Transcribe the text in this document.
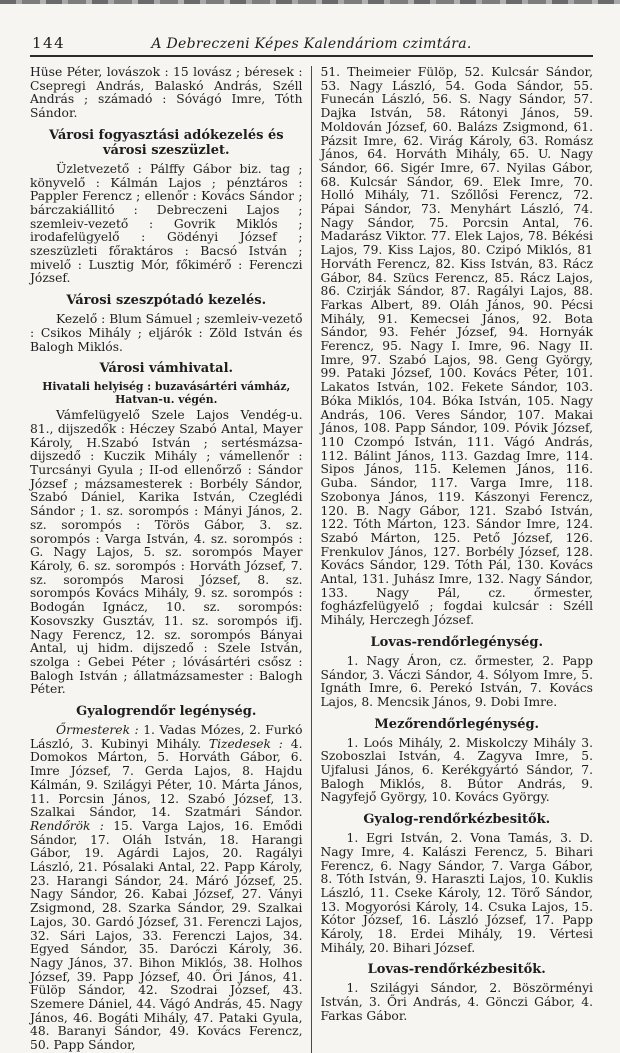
144	A Debreczeni Képes Kalendáriom czimtára.

Hüse Péter, lovászok : 15 lovász ; béresek : Csepregi András, Balaskó András, Széll András ; számadó : Sóvágó Imre, Tóth Sándor.

Városi fogyasztási adókezelés és városi szeszüzlet.

Üzletvezető : Pálffy Gábor biz. tag ; könyvelő : Kálmán Lajos ; pénztáros : Pappler Ferencz ; ellenőr : Kovács Sándor ; bárczakiállitó : Debreczeni Lajos ; szemleiv-vezető : Govrik Miklós ; irodafelügyelő : Gödényi József ; szeszüzleti főraktáros : Bacsó István ; mivelő : Lusztig Mór, főkimérő : Ferenczi József.

Városi szeszpótadó kezelés.

Kezelő : Blum Sámuel ; szemleiv-vezető : Csikos Mihály ; eljárók : Zöld István és Balogh Miklós.

Városi vámhivatal.

Hivatali helyiség : buzavásártéri vámház, Hatvan-u. végén.

Vámfelügyelő Szele Lajos Vendég-u. 81., dijszedők : Héczey Szabó Antal, Mayer Károly, H.Szabó István ; sertésmázsa-dijszedő : Kuczik Mihály ; vámellenőr : Turcsányi Gyula ; II-od ellenőrző : Sándor József ; mázsamesterek : Borbély Sándor, Szabó Dániel, Karika István, Czeglédi Sándor ; 1. sz. sorompós : Mányi János, 2. sz. sorompós : Törös Gábor, 3. sz. sorompós : Varga István, 4. sz. sorompós : G. Nagy Lajos, 5. sz. sorompós Mayer Károly, 6. sz. sorompós : Horváth József, 7. sz. sorompós Marosi József, 8. sz. sorompós Kovács Mihály, 9. sz. sorompós : Bodogán Ignácz, 10. sz. sorompós: Kosovszky Gusztáv, 11. sz. sorompós ifj. Nagy Ferencz, 12. sz. sorompós Bányai Antal, uj hidm. dijszedő : Szele István, szolga : Gebei Péter ; lóvásártéri csősz : Balogh István ; állatmázsamester : Balogh Péter.

Gyalogrendőr legénység.

Őrmesterek : 1. Vadas Mózes, 2. Furkó László, 3. Kubinyi Mihály. Tizedesek : 4. Domokos Márton, 5. Horváth Gábor, 6. Imre József, 7. Gerda Lajos, 8. Hajdu Kálmán, 9. Szilágyi Péter, 10. Márta János, 11. Porcsin János, 12. Szabó József, 13. Szalkai Sándor, 14. Szatmári Sándor. Rendőrök : 15. Varga Lajos, 16. Emődi Sándor, 17. Oláh István, 18. Harangi Gábor, 19. Agárdi Lajos, 20. Ragályi László, 21. Pósalaki Antal, 22. Papp Károly, 23. Harangi Sándor, 24. Máró József, 25. Nagy Sándor, 26. Kabai József, 27. Ványi Zsigmond, 28. Szarka Sándor, 29. Szalkai Lajos, 30. Gardó József, 31. Ferenczi Lajos, 32. Sári Lajos, 33. Ferenczi Lajos, 34. Egyed Sándor, 35. Daróczi Károly, 36. Nagy János, 37. Bihon Miklós, 38. Holhos József, 39. Papp József, 40. Őri János, 41. Fülöp Sándor, 42. Szodrai József, 43. Szemere Dániel, 44. Vágó András, 45. Nagy János, 46. Bogáti Mihály, 47. Pataki Gyula, 48. Baranyi Sándor, 49. Kovács Ferencz, 50. Papp Sándor,

51. Theimeier Fülöp, 52. Kulcsár Sándor, 53. Nagy László, 54. Goda Sándor, 55. Funecán László, 56. S. Nagy Sándor, 57. Dajka István, 58. Rátonyi János, 59. Moldován József, 60. Balázs Zsigmond, 61. Pázsit Imre, 62. Virág Károly, 63. Romász János, 64. Horváth Mihály, 65. U. Nagy Sándor, 66. Sigér Imre, 67. Nyilas Gábor, 68. Kulcsár Sándor, 69. Elek Imre, 70. Holló Mihály, 71. Szőllősi Ferencz, 72. Pápai Sándor, 73. Menyhárt László, 74. Nagy Sándor, 75. Porcsin Antal, 76. Madarász Viktor. 77. Elek Lajos, 78. Békési Lajos, 79. Kiss Lajos, 80. Czipó Miklós, 81 Horváth Ferencz, 82. Kiss István, 83. Rácz Gábor, 84. Szücs Ferencz, 85. Rácz Lajos, 86. Czirják Sándor, 87. Ragályi Lajos, 88. Farkas Albert, 89. Oláh János, 90. Pécsi Mihály, 91. Kemecsei János, 92. Bota Sándor, 93. Fehér József, 94. Hornyák Ferencz, 95. Nagy I. Imre, 96. Nagy II. Imre, 97. Szabó Lajos, 98. Geng György, 99. Pataki József, 100. Kovács Péter, 101. Lakatos István, 102. Fekete Sándor, 103. Bóka Miklós, 104. Bóka István, 105. Nagy András, 106. Veres Sándor, 107. Makai János, 108. Papp Sándor, 109. Póvik József, 110 Czompó István, 111. Vágó András, 112. Bálint János, 113. Gazdag Imre, 114. Sipos János, 115. Kelemen János, 116. Guba. Sándor, 117. Varga Imre, 118. Szobonya János, 119. Kászonyi Ferencz, 120. B. Nagy Gábor, 121. Szabó István, 122. Tóth Márton, 123. Sándor Imre, 124. Szabó Márton, 125. Pető József, 126. Frenkulov János, 127. Borbély József, 128. Kovács Sándor, 129. Tóth Pál, 130. Kovács Antal, 131. Juhász Imre, 132. Nagy Sándor, 133. Nagy Pál, cz. őrmester, fogházfelügyelő ; fogdai kulcsár : Széll Mihály, Herczegh József.

Lovas-rendőrlegénység.

1. Nagy Áron, cz. őrmester, 2. Papp Sándor, 3. Váczi Sándor, 4. Sólyom Imre, 5. Ignáth Imre, 6. Perekó István, 7. Kovács Lajos, 8. Mencsik János, 9. Dobi Imre.

Mezőrendőrlegénység.

1. Loós Mihály, 2. Miskolczy Mihály 3. Szoboszlai István, 4. Zagyva Imre, 5. Ujfalusi János, 6. Kerékgyártó Sándor, 7. Balogh Miklós, 8. Bútor András, 9. Nagyfejő György, 10. Kovács György.

Gyalog-rendőrkézbesitők.

1. Egri István, 2. Vona Tamás, 3. D. Nagy Imre, 4. Kalászi Ferencz, 5. Bihari Ferencz, 6. Nagy Sándor, 7. Varga Gábor, 8. Tóth István, 9. Haraszti Lajos, 10. Kuklis László, 11. Cseke Károly, 12. Törő Sándor, 13. Mogyorósi Károly, 14. Csuka Lajos, 15. Kótor József, 16. László József, 17. Papp Károly, 18. Erdei Mihály, 19. Vértesi Mihály, 20. Bihari József.

Lovas-rendőrkézbesitők.

1. Szilágyi Sándor, 2. Böszörményi István, 3. Őri András, 4. Gönczi Gábor, 4. Farkas Gábor.
